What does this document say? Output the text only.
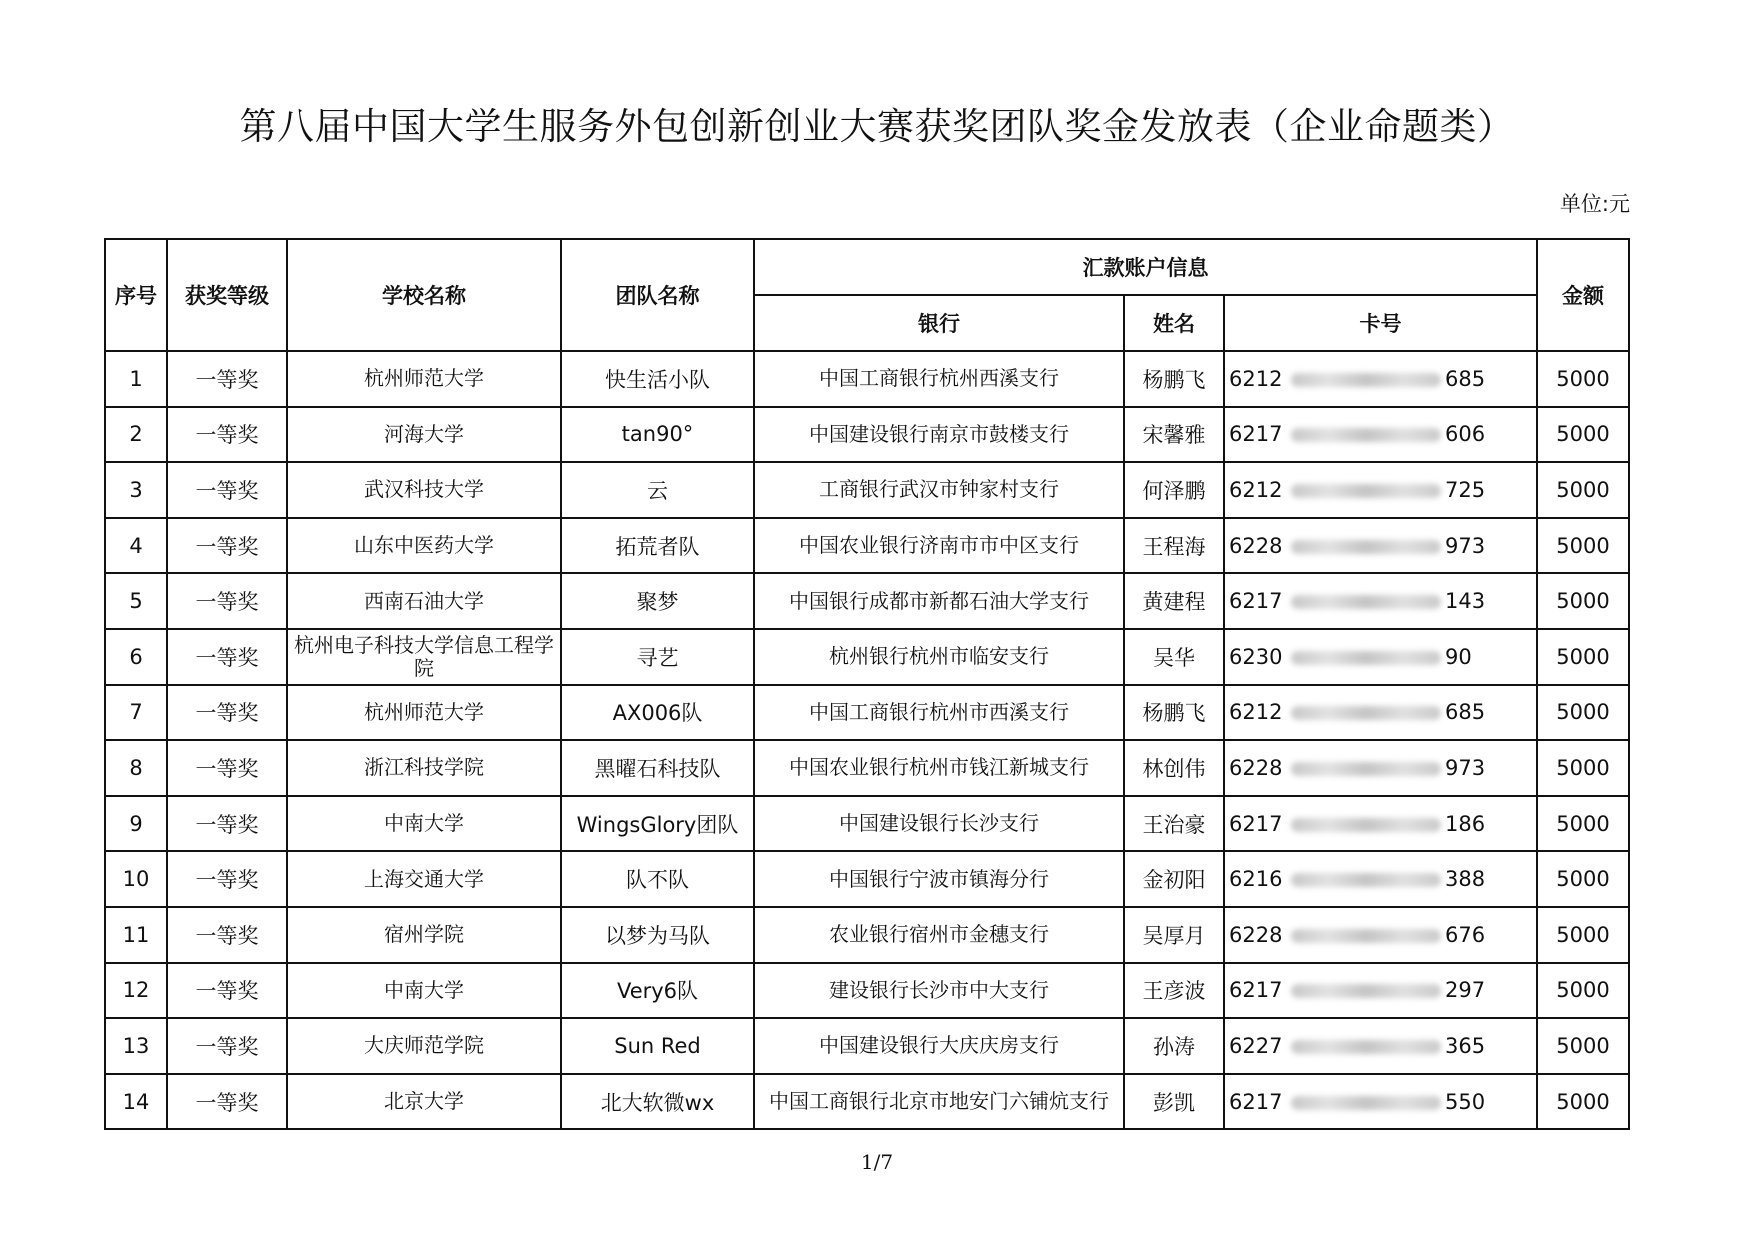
第八届中国大学生服务外包创新创业大赛获奖团队奖金发放表（企业命题类）
单位:元
序号	获奖等级	学校名称	团队名称	汇款账户信息			金额
				银行	姓名	卡号	
1	一等奖	杭州师范大学	快生活小队	中国工商银行杭州西溪支行	杨鹏飞	6212 685	5000
2	一等奖	河海大学	tan90°	中国建设银行南京市鼓楼支行	宋馨雅	6217 606	5000
3	一等奖	武汉科技大学	云	工商银行武汉市钟家村支行	何泽鹏	6212 725	5000
4	一等奖	山东中医药大学	拓荒者队	中国农业银行济南市市中区支行	王程海	6228 973	5000
5	一等奖	西南石油大学	聚梦	中国银行成都市新都石油大学支行	黄建程	6217 143	5000
6	一等奖	杭州电子科技大学信息工程学院	寻艺	杭州银行杭州市临安支行	吴华	6230 90	5000
7	一等奖	杭州师范大学	AX006队	中国工商银行杭州市西溪支行	杨鹏飞	6212 685	5000
8	一等奖	浙江科技学院	黑曜石科技队	中国农业银行杭州市钱江新城支行	林创伟	6228 973	5000
9	一等奖	中南大学	WingsGlory团队	中国建设银行长沙支行	王治豪	6217 186	5000
10	一等奖	上海交通大学	队不队	中国银行宁波市镇海分行	金初阳	6216 388	5000
11	一等奖	宿州学院	以梦为马队	农业银行宿州市金穗支行	吴厚月	6228 676	5000
12	一等奖	中南大学	Very6队	建设银行长沙市中大支行	王彦波	6217 297	5000
13	一等奖	大庆师范学院	Sun Red	中国建设银行大庆庆房支行	孙涛	6227 365	5000
14	一等奖	北京大学	北大软微wx	中国工商银行北京市地安门六铺炕支行	彭凯	6217 550	5000
1/7
